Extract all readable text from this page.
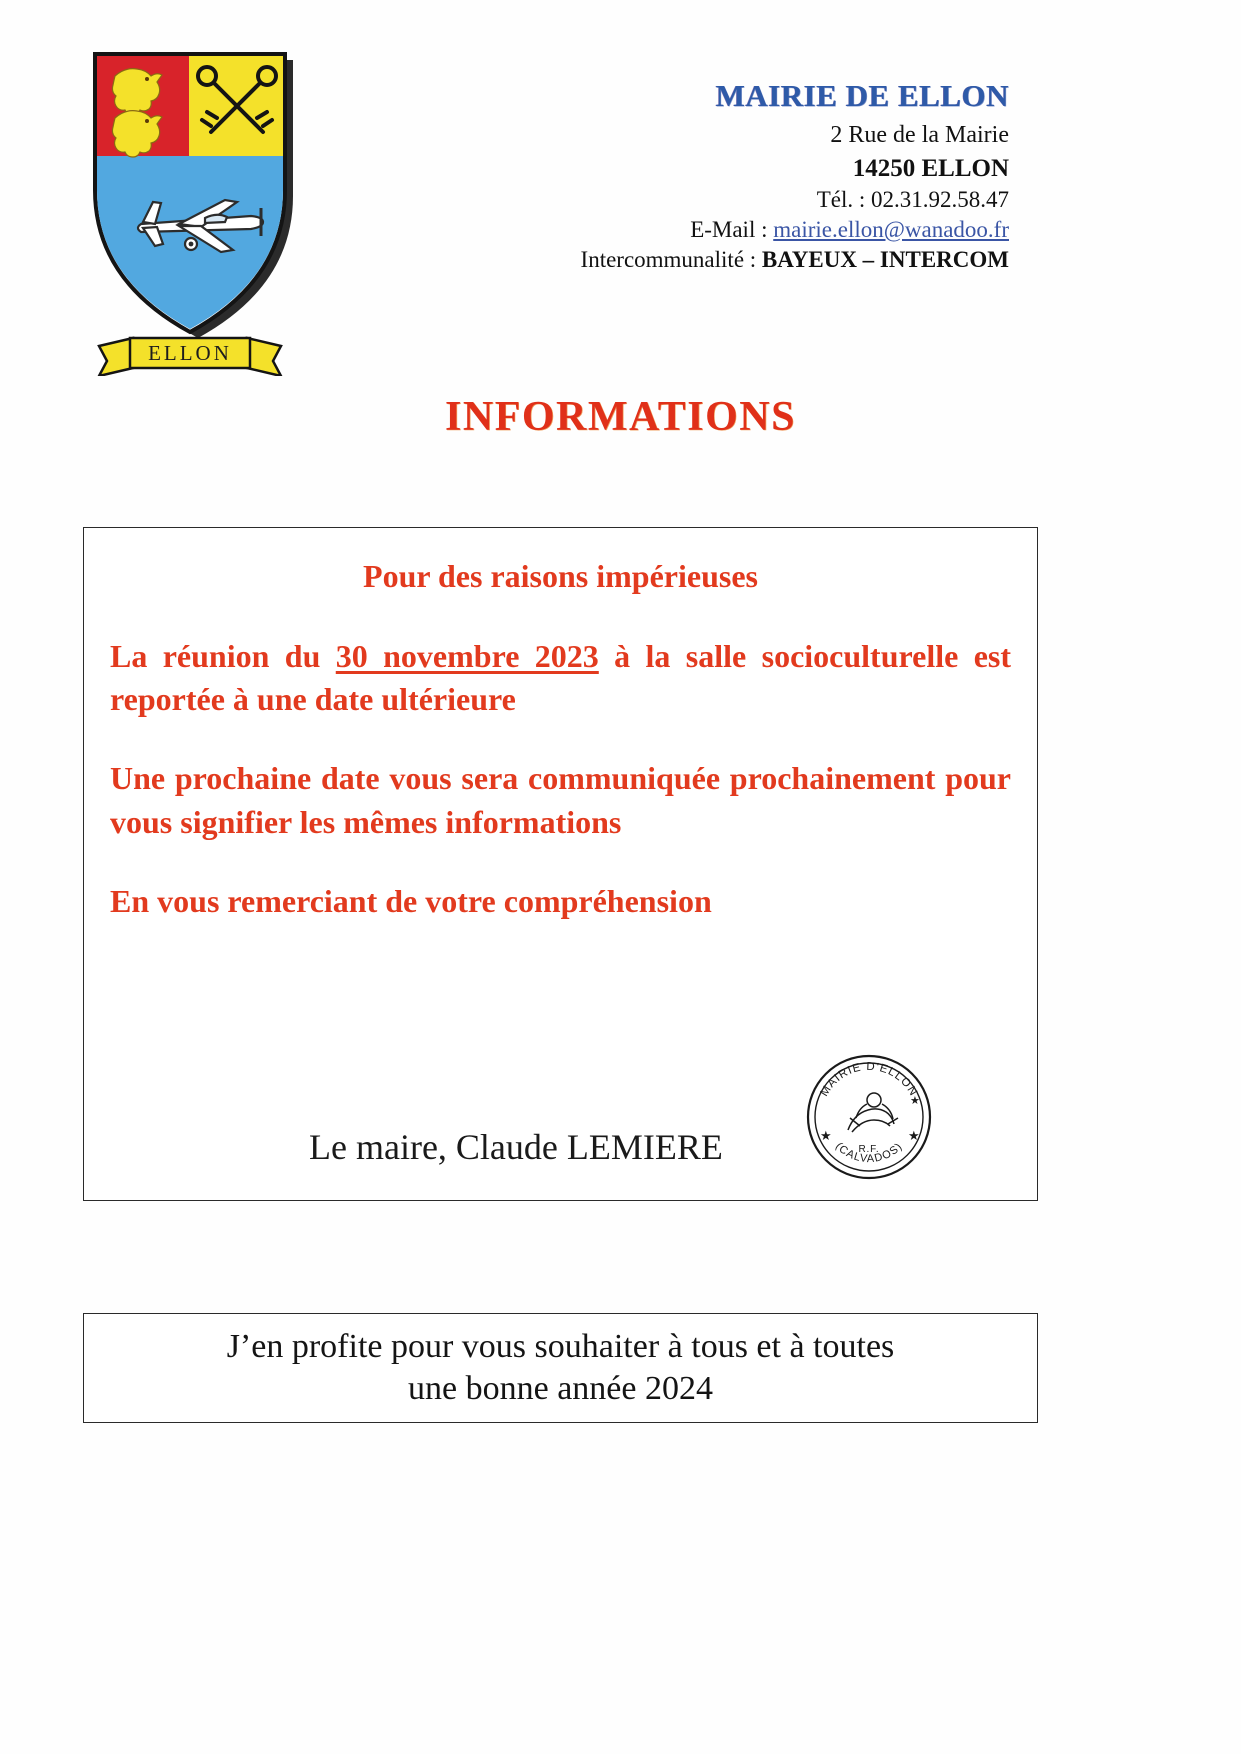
ELLON
MAIRIE DE ELLON
2 Rue de la Mairie
14250 ELLON
Tél. : 02.31.92.58.47
E-Mail : mairie.ellon@wanadoo.fr
Intercommunalité : BAYEUX – INTERCOM
INFORMATIONS
Pour des raisons impérieuses
La réunion du 30 novembre 2023 à la salle socioculturelle est reportée à une date ultérieure
Une prochaine date vous sera communiquée prochainement pour vous signifier les mêmes informations
En vous remerciant de votre compréhension
Le maire, Claude LEMIERE
MAIRIE D'ELLON
(CALVADOS)
★	★
★
R.F.
J’en profite pour vous souhaiter à tous et à toutes
une bonne année 2024
